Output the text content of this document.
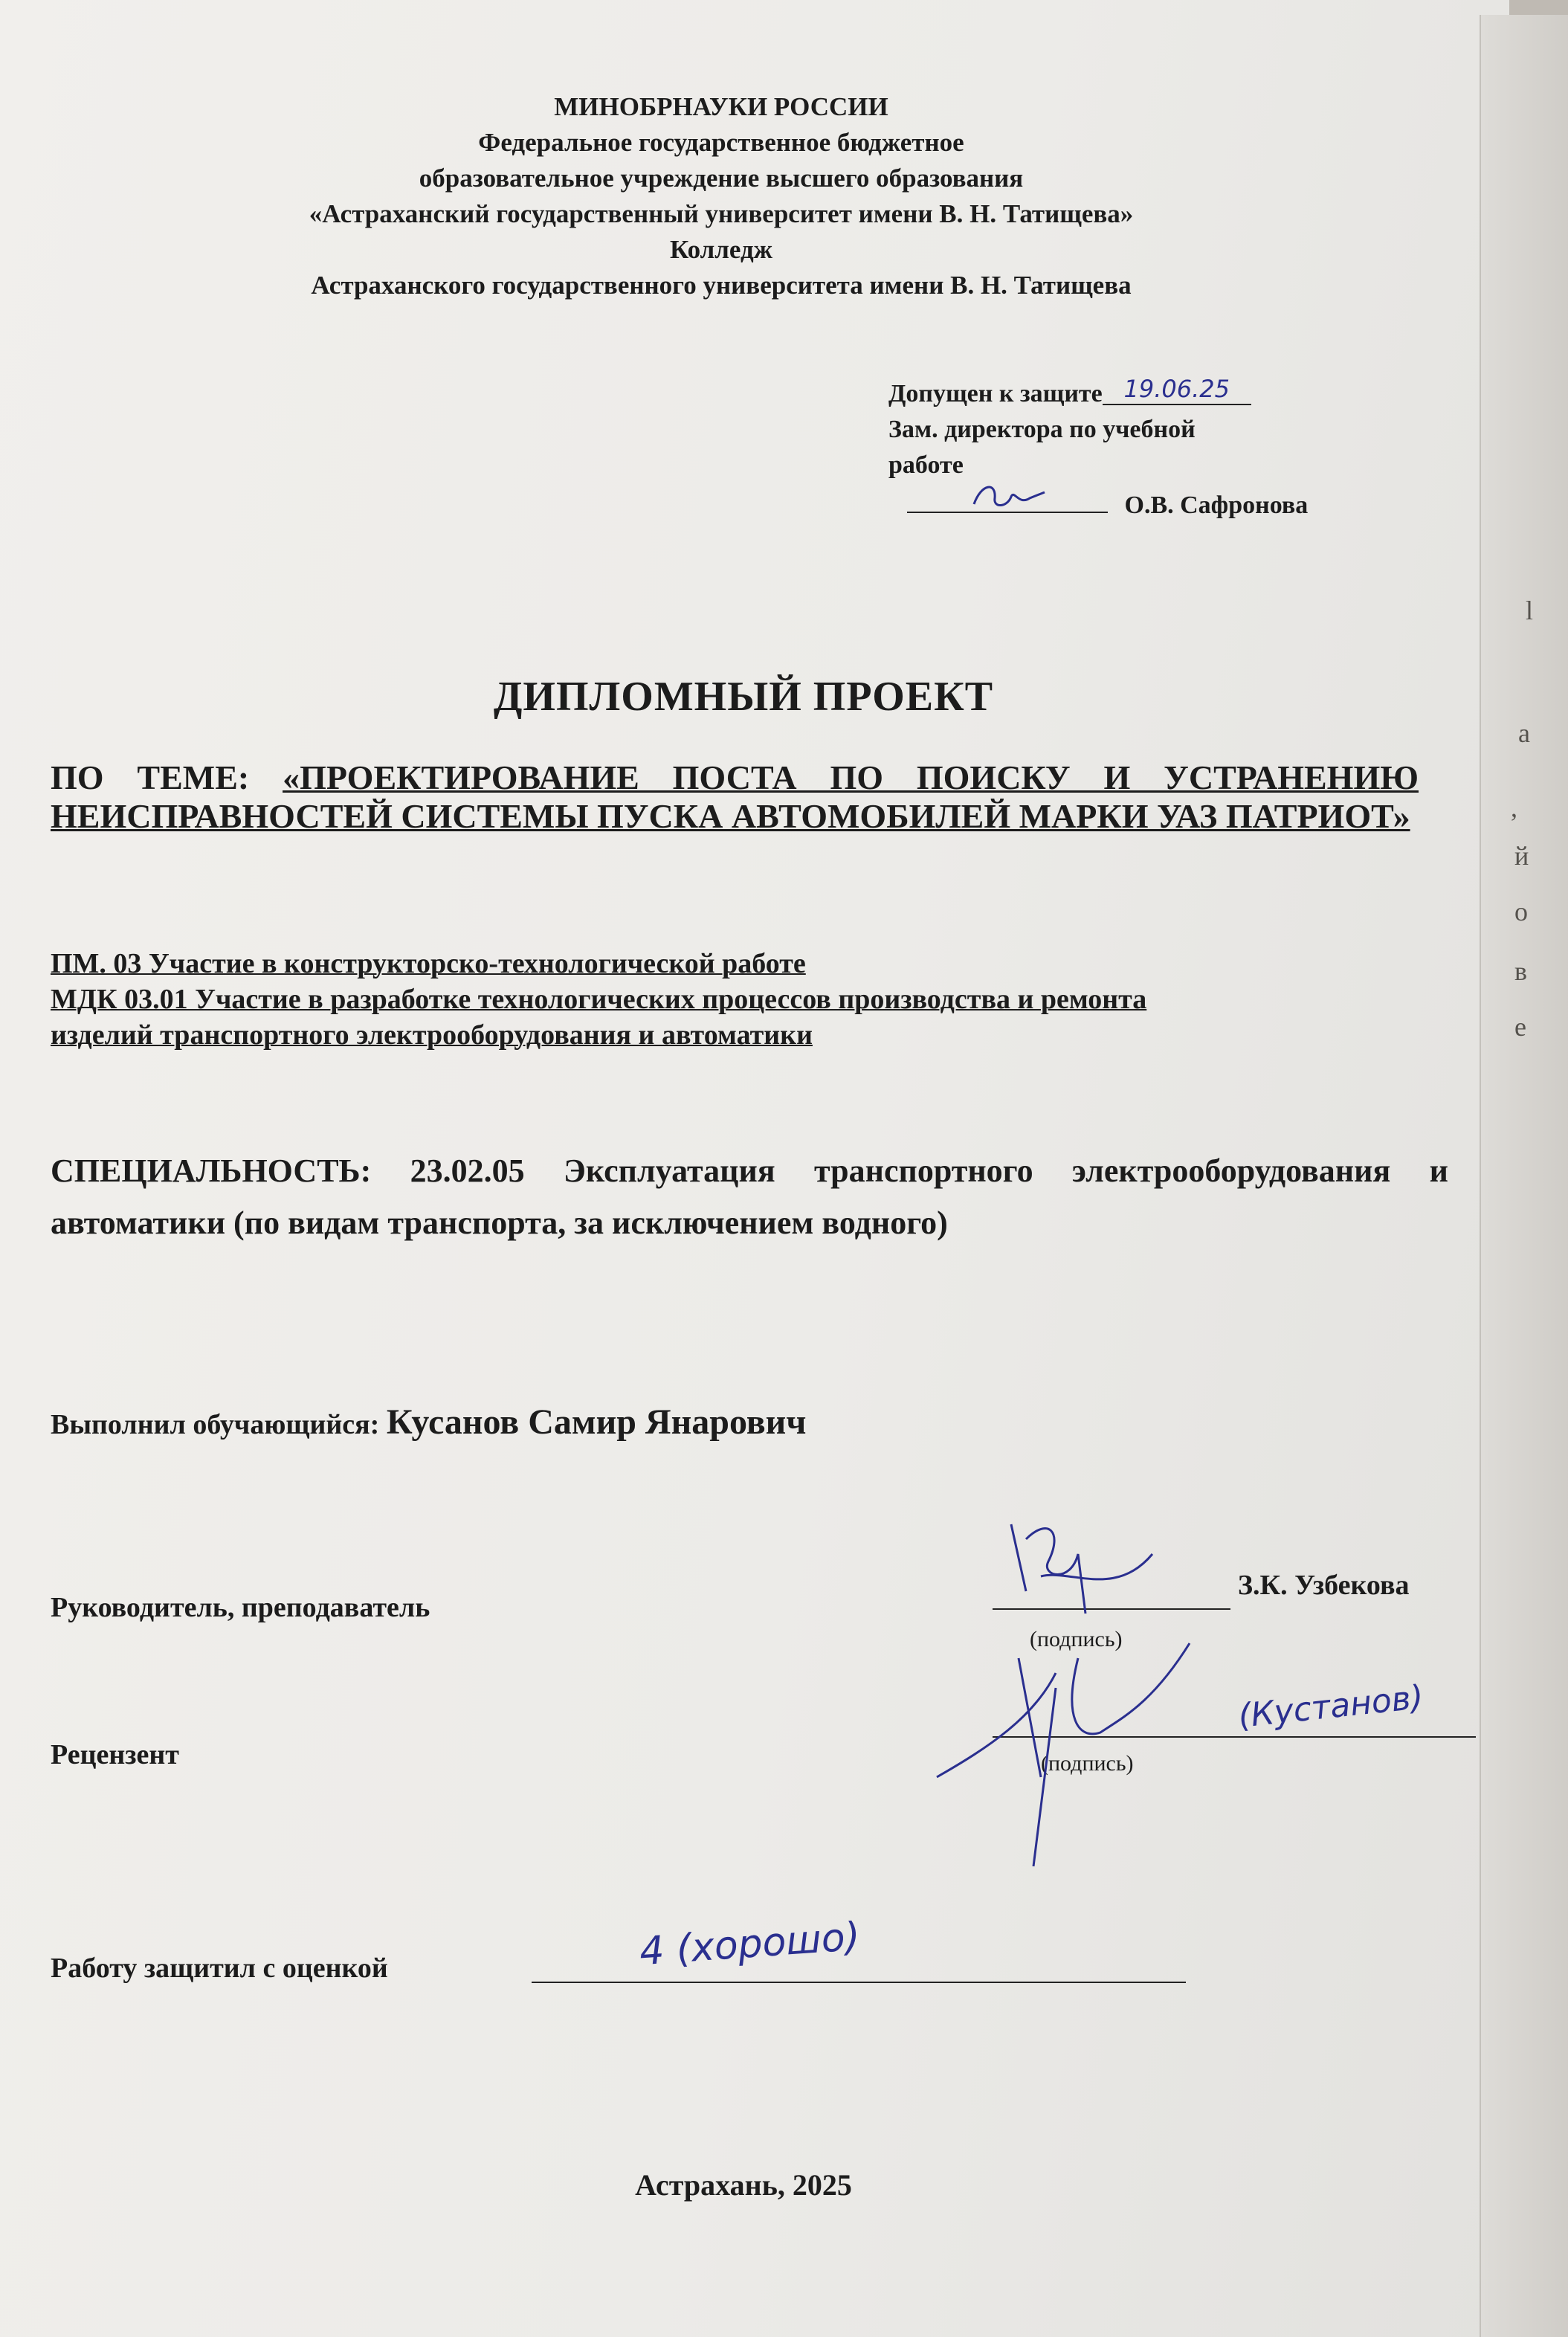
l
а
,
й
о
в
е
МИНОБРНАУКИ РОССИИ
Федеральное государственное бюджетное
образовательное учреждение высшего образования
«Астраханский государственный университет имени В. Н. Татищева»
Колледж
Астраханского государственного университета имени В. Н. Татищева
Допущен к защите 19.06.25
Зам. директора по учебной
работе
О.В. Сафронова
ДИПЛОМНЫЙ ПРОЕКТ
ПО ТЕМЕ: «ПРОЕКТИРОВАНИЕ ПОСТА ПО ПОИСКУ И УСТРАНЕНИЮ НЕИСПРАВНОСТЕЙ СИСТЕМЫ ПУСКА АВТОМОБИЛЕЙ МАРКИ УАЗ ПАТРИОТ»
ПМ. 03 Участие в конструкторско-технологической работе
МДК 03.01 Участие в разработке технологических процессов производства и ремонта
изделий транспортного электрооборудования и автоматики
СПЕЦИАЛЬНОСТЬ: 23.02.05 Эксплуатация транспортного электрооборудования и автоматики (по видам транспорта, за исключением водного)
Выполнил обучающийся: Кусанов Самир Янарович
Руководитель, преподаватель
З.К. Узбекова
(подпись)
Рецензент	(подпись)
(Кустанов)
Работу защитил с оценкой	4 (хорошо)
Астрахань, 2025
